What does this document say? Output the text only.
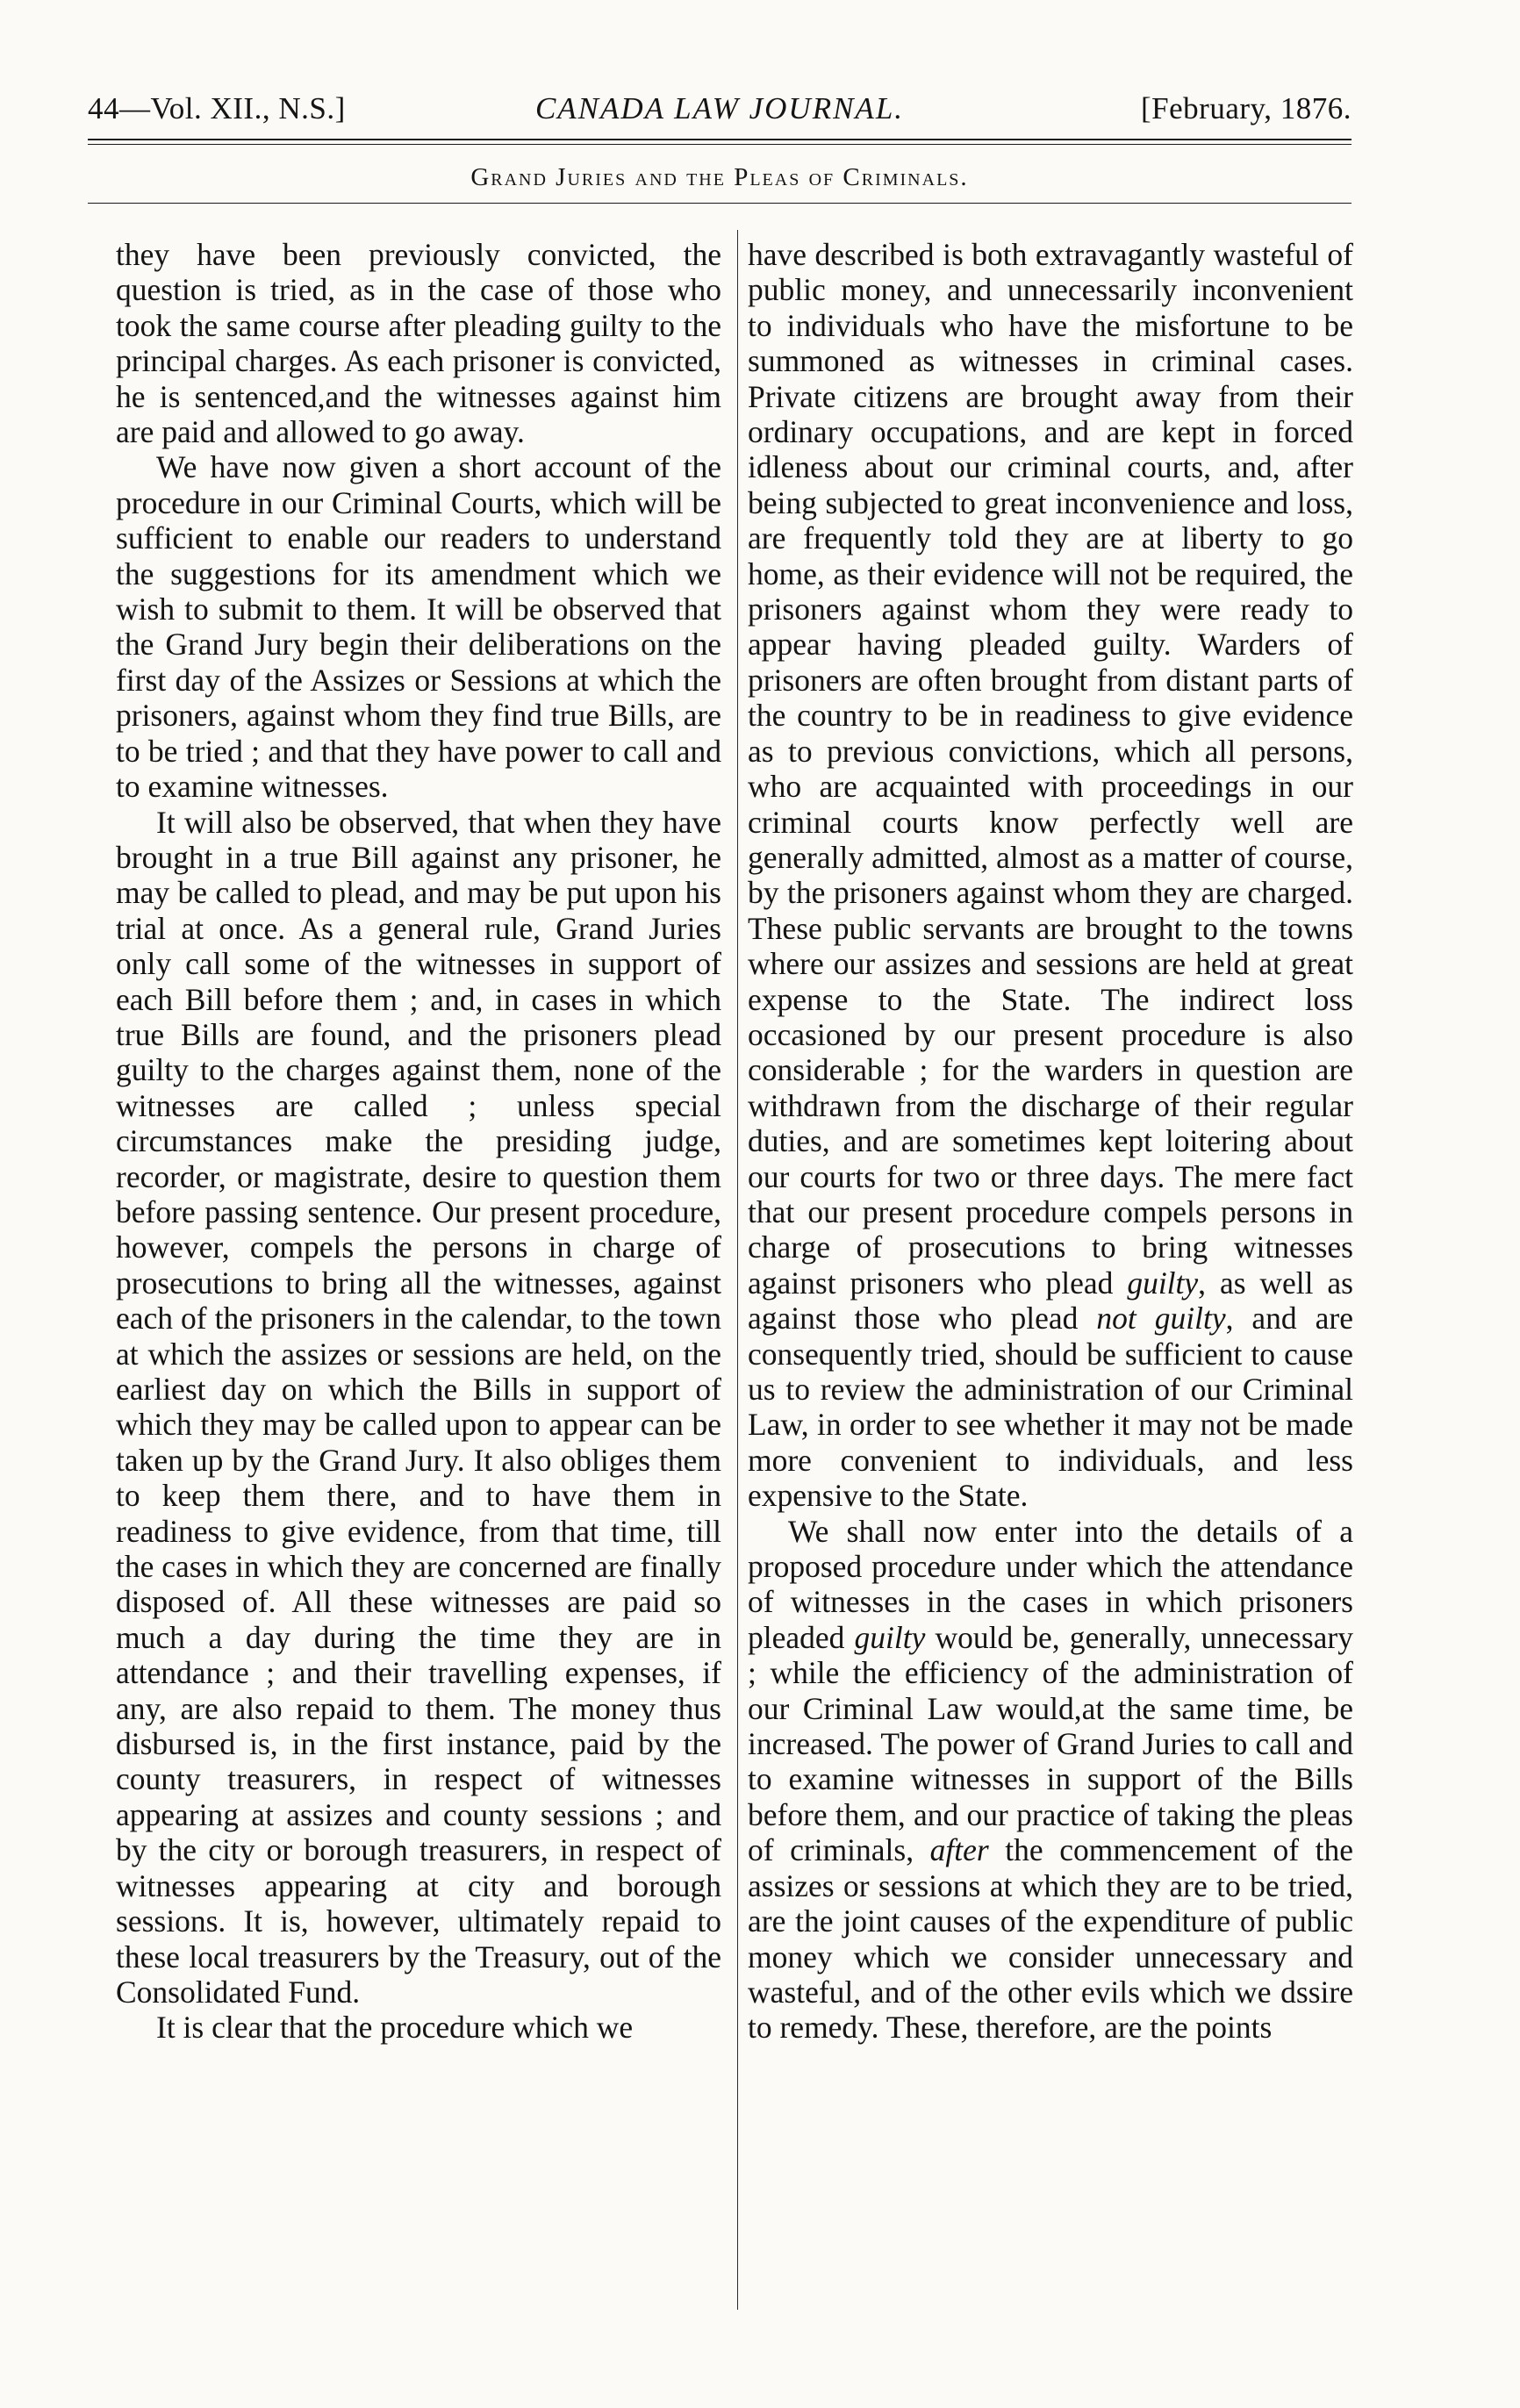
44—Vol. XII., N.S.]	CANADA LAW JOURNAL.	[February, 1876.
Grand Juries and the Pleas of Criminals.

they have been previously convicted, the question is tried, as in the case of those who took the same course after pleading guilty to the principal charges. As each prisoner is convicted, he is sentenced,and the witnesses against him are paid and allowed to go away.

We have now given a short account of the procedure in our Criminal Courts, which will be sufficient to enable our readers to understand the suggestions for its amendment which we wish to submit to them. It will be observed that the Grand Jury begin their deliberations on the first day of the Assizes or Sessions at which the prisoners, against whom they find true Bills, are to be tried ; and that they have power to call and to examine witnesses.

It will also be observed, that when they have brought in a true Bill against any prisoner, he may be called to plead, and may be put upon his trial at once. As a general rule, Grand Juries only call some of the witnesses in support of each Bill before them ; and, in cases in which true Bills are found, and the prisoners plead guilty to the charges against them, none of the witnesses are called ; unless special circumstances make the presiding judge, recorder, or magistrate, desire to question them before passing sentence. Our present procedure, however, compels the persons in charge of prosecutions to bring all the witnesses, against each of the prisoners in the calendar, to the town at which the assizes or sessions are held, on the earliest day on which the Bills in support of which they may be called upon to appear can be taken up by the Grand Jury. It also obliges them to keep them there, and to have them in readiness to give evidence, from that time, till the cases in which they are concerned are finally disposed of. All these witnesses are paid so much a day during the time they are in attendance ; and their travelling expenses, if any, are also repaid to them. The money thus disbursed is, in the first instance, paid by the county treasurers, in respect of witnesses appearing at assizes and county sessions ; and by the city or borough treasurers, in respect of witnesses appearing at city and borough sessions. It is, however, ultimately repaid to these local treasurers by the Treasury, out of the Consolidated Fund.

It is clear that the procedure which we

have described is both extravagantly wasteful of public money, and unnecessarily inconvenient to individuals who have the misfortune to be summoned as witnesses in criminal cases. Private citizens are brought away from their ordinary occupations, and are kept in forced idleness about our criminal courts, and, after being subjected to great inconvenience and loss, are frequently told they are at liberty to go home, as their evidence will not be required, the prisoners against whom they were ready to appear having pleaded guilty. Warders of prisoners are often brought from distant parts of the country to be in readiness to give evidence as to previous convictions, which all persons, who are acquainted with proceedings in our criminal courts know perfectly well are generally admitted, almost as a matter of course, by the prisoners against whom they are charged. These public servants are brought to the towns where our assizes and sessions are held at great expense to the State. The indirect loss occasioned by our present procedure is also considerable ; for the warders in question are withdrawn from the discharge of their regular duties, and are sometimes kept loitering about our courts for two or three days. The mere fact that our present procedure compels persons in charge of prosecutions to bring witnesses against prisoners who plead guilty, as well as against those who plead not guilty, and are consequently tried, should be sufficient to cause us to review the administration of our Criminal Law, in order to see whether it may not be made more convenient to individuals, and less expensive to the State.

We shall now enter into the details of a proposed procedure under which the attendance of witnesses in the cases in which prisoners pleaded guilty would be, generally, unnecessary ; while the efficiency of the administration of our Criminal Law would,at the same time, be increased. The power of Grand Juries to call and to examine witnesses in support of the Bills before them, and our practice of taking the pleas of criminals, after the commencement of the assizes or sessions at which they are to be tried, are the joint causes of the expenditure of public money which we consider unnecessary and wasteful, and of the other evils which we dssire to remedy. These, therefore, are the points
